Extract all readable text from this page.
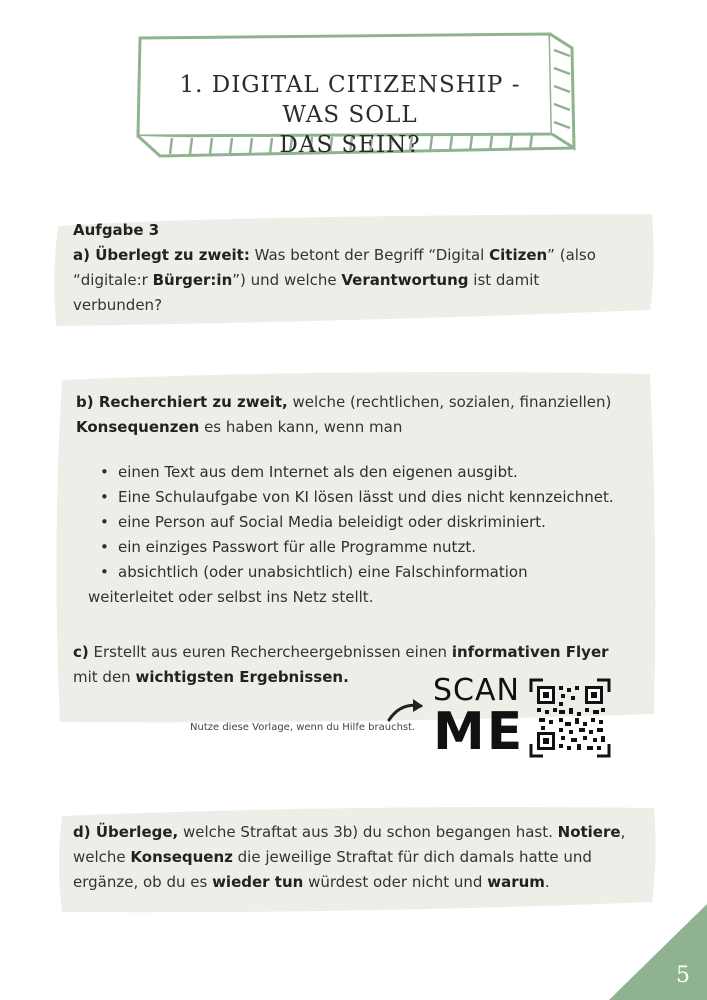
1. DIGITAL CITIZENSHIP - WAS SOLL
DAS SEIN?
Aufgabe 3
a) Überlegt zu zweit: Was betont der Begriff “Digital Citizen” (also
“digitale:r Bürger:in”) und welche Verantwortung ist damit
verbunden?
b) Recherchiert zu zweit, welche (rechtlichen, sozialen, finanziellen)
Konsequenzen es haben kann, wenn man
• einen Text aus dem Internet als den eigenen ausgibt.
• Eine Schulaufgabe von KI lösen lässt und dies nicht kennzeichnet.
• eine Person auf Social Media beleidigt oder diskriminiert.
• ein einziges Passwort für alle Programme nutzt.
• absichtlich (oder unabsichtlich) eine Falschinformation
weiterleitet oder selbst ins Netz stellt.
c) Erstellt aus euren Rechercheergebnissen einen informativen Flyer
mit den wichtigsten Ergebnissen.
Nutze diese Vorlage, wenn du Hilfe brauchst.
SCAN
ME
d) Überlege, welche Straftat aus 3b) du schon begangen hast. Notiere,
welche Konsequenz die jeweilige Straftat für dich damals hatte und
ergänze, ob du es wieder tun würdest oder nicht und warum.
5
